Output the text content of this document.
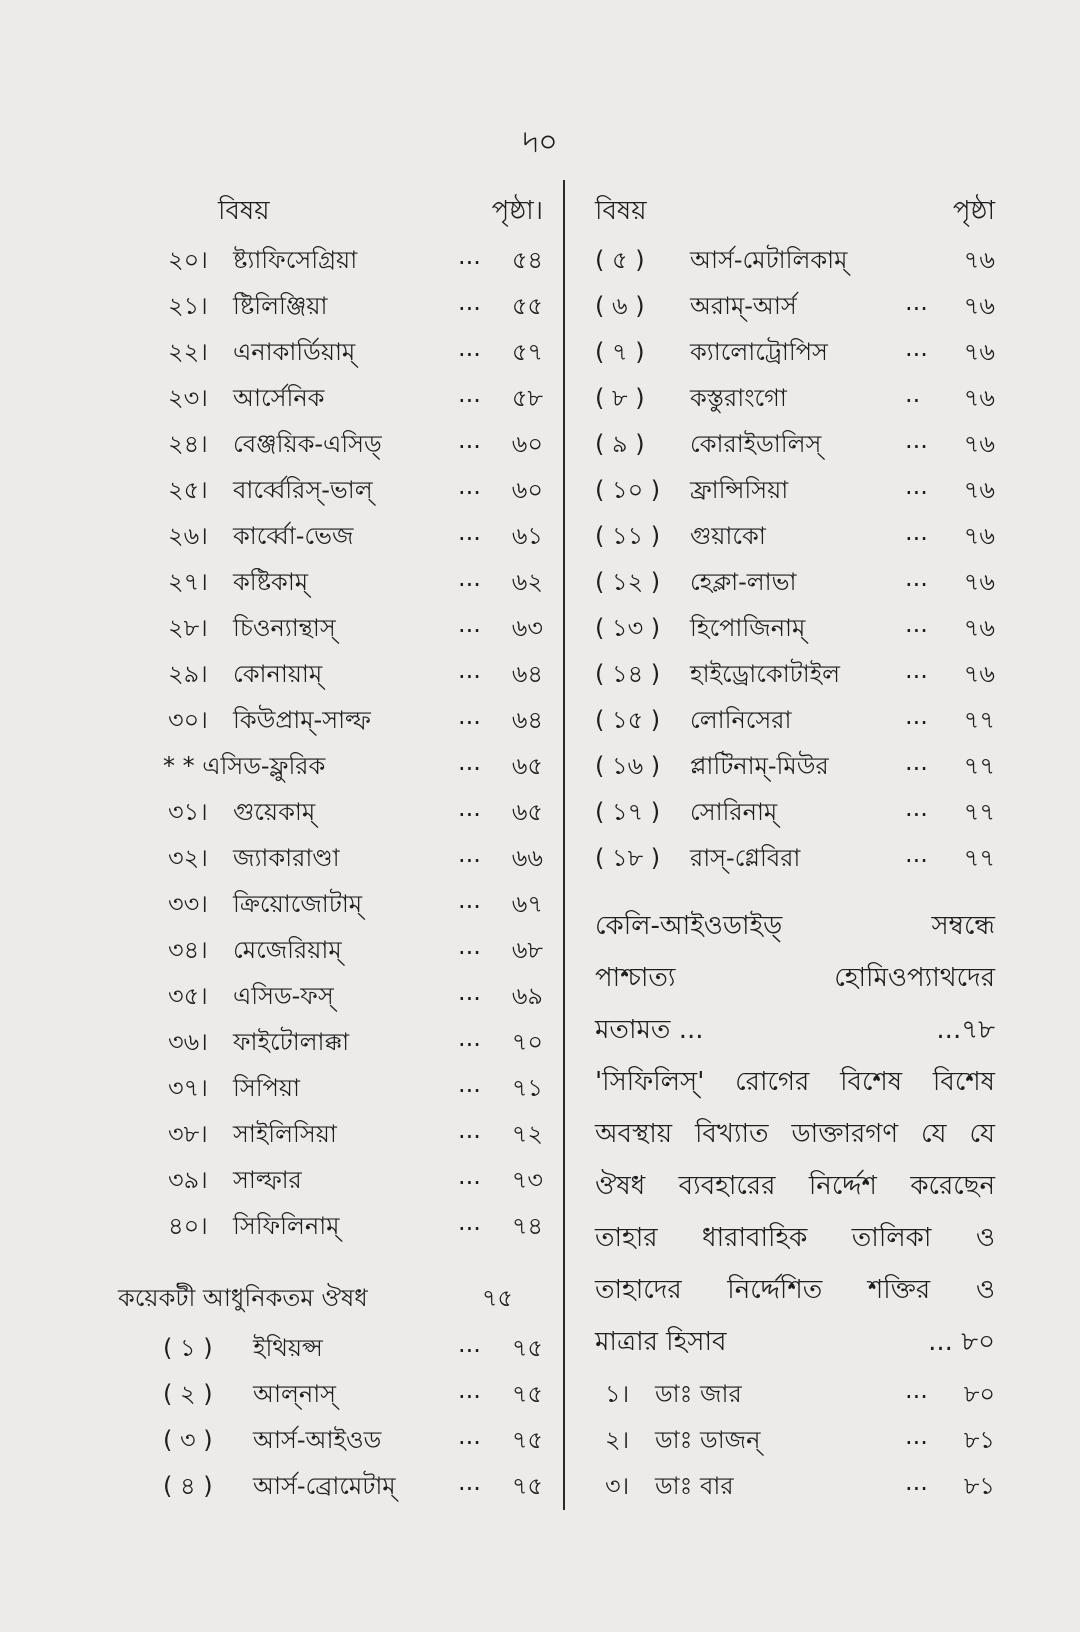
৸০
বিষয়	পৃষ্ঠা।
২০। ষ্ট্যাফিসেগ্রিয়া	... ৫৪
২১। ষ্টিলিঞ্জিয়া	... ৫৫
২২। এনাকার্ডিয়াম্	... ৫৭
২৩। আর্সেনিক	... ৫৮
২৪। বেঞ্জয়িক-এসিড্	... ৬০
২৫। বার্ব্বেরিস্-ভাল্	... ৬০
২৬। কার্ব্বো-ভেজ	... ৬১
২৭। কষ্টিকাম্	... ৬২
২৮। চিওন্যান্থাস্	... ৬৩
২৯। কোনায়াম্	... ৬৪
৩০। কিউপ্রাম্-সাল্ফ	... ৬৪
* * এসিড-ফ্লুরিক	... ৬৫
৩১। গুয়েকাম্	... ৬৫
৩২। জ্যাকারাণ্ডা	... ৬৬
৩৩। ক্রিয়োজোটাম্	... ৬৭
৩৪। মেজেরিয়াম্	... ৬৮
৩৫। এসিড-ফস্	... ৬৯
৩৬। ফাইটোলাক্কা	... ৭০
৩৭। সিপিয়া	... ৭১
৩৮। সাইলিসিয়া	... ৭২
৩৯। সাল্ফার	... ৭৩
৪০। সিফিলিনাম্	... ৭৪
কয়েকটী আধুনিকতম ঔষধ	৭৫
( ১ ) ইথিয়প্স	... ৭৫
( ২ ) আল্নাস্	... ৭৫
( ৩ ) আর্স-আইওড	... ৭৫
( ৪ ) আর্স-ব্রোমেটাম্	... ৭৫
বিষয়	পৃষ্ঠা
( ৫ ) আর্স-মেটালিকাম্	৭৬
( ৬ ) অরাম্-আর্স	... ৭৬
( ৭ ) ক্যালোট্রোপিস	... ৭৬
( ৮ ) কস্তুরাংগো	.. ৭৬
( ৯ ) কোরাইডালিস্	... ৭৬
( ১০ ) ফ্রান্সিসিয়া	... ৭৬
( ১১ ) গুয়াকো	... ৭৬
( ১২ ) হেক্লা-লাভা	... ৭৬
( ১৩ ) হিপোজিনাম্	... ৭৬
( ১৪ ) হাইড্রোকোটাইল	... ৭৬
( ১৫ ) লোনিসেরা	... ৭৭
( ১৬ ) প্লাটিনাম্-মিউর	... ৭৭
( ১৭ ) সোরিনাম্	... ৭৭
( ১৮ ) রাস্-গ্লেবিরা	... ৭৭
কেলি-আইওডাইড্ সম্বন্ধে
পাশ্চাত্য হোমিওপ্যাথদের
মতামত ...	...৭৮
'সিফিলিস্' রোগের বিশেষ বিশেষ
অবস্থায় বিখ্যাত ডাক্তারগণ যে যে
ঔষধ ব্যবহারের নির্দ্দেশ করেছেন
তাহার ধারাবাহিক তালিকা ও
তাহাদের নির্দ্দেশিত শক্তির ও
মাত্রার হিসাব	... ৮০
১। ডাঃ জার	... ৮০
২। ডাঃ ডাজন্	... ৮১
৩। ডাঃ বার	... ৮১
